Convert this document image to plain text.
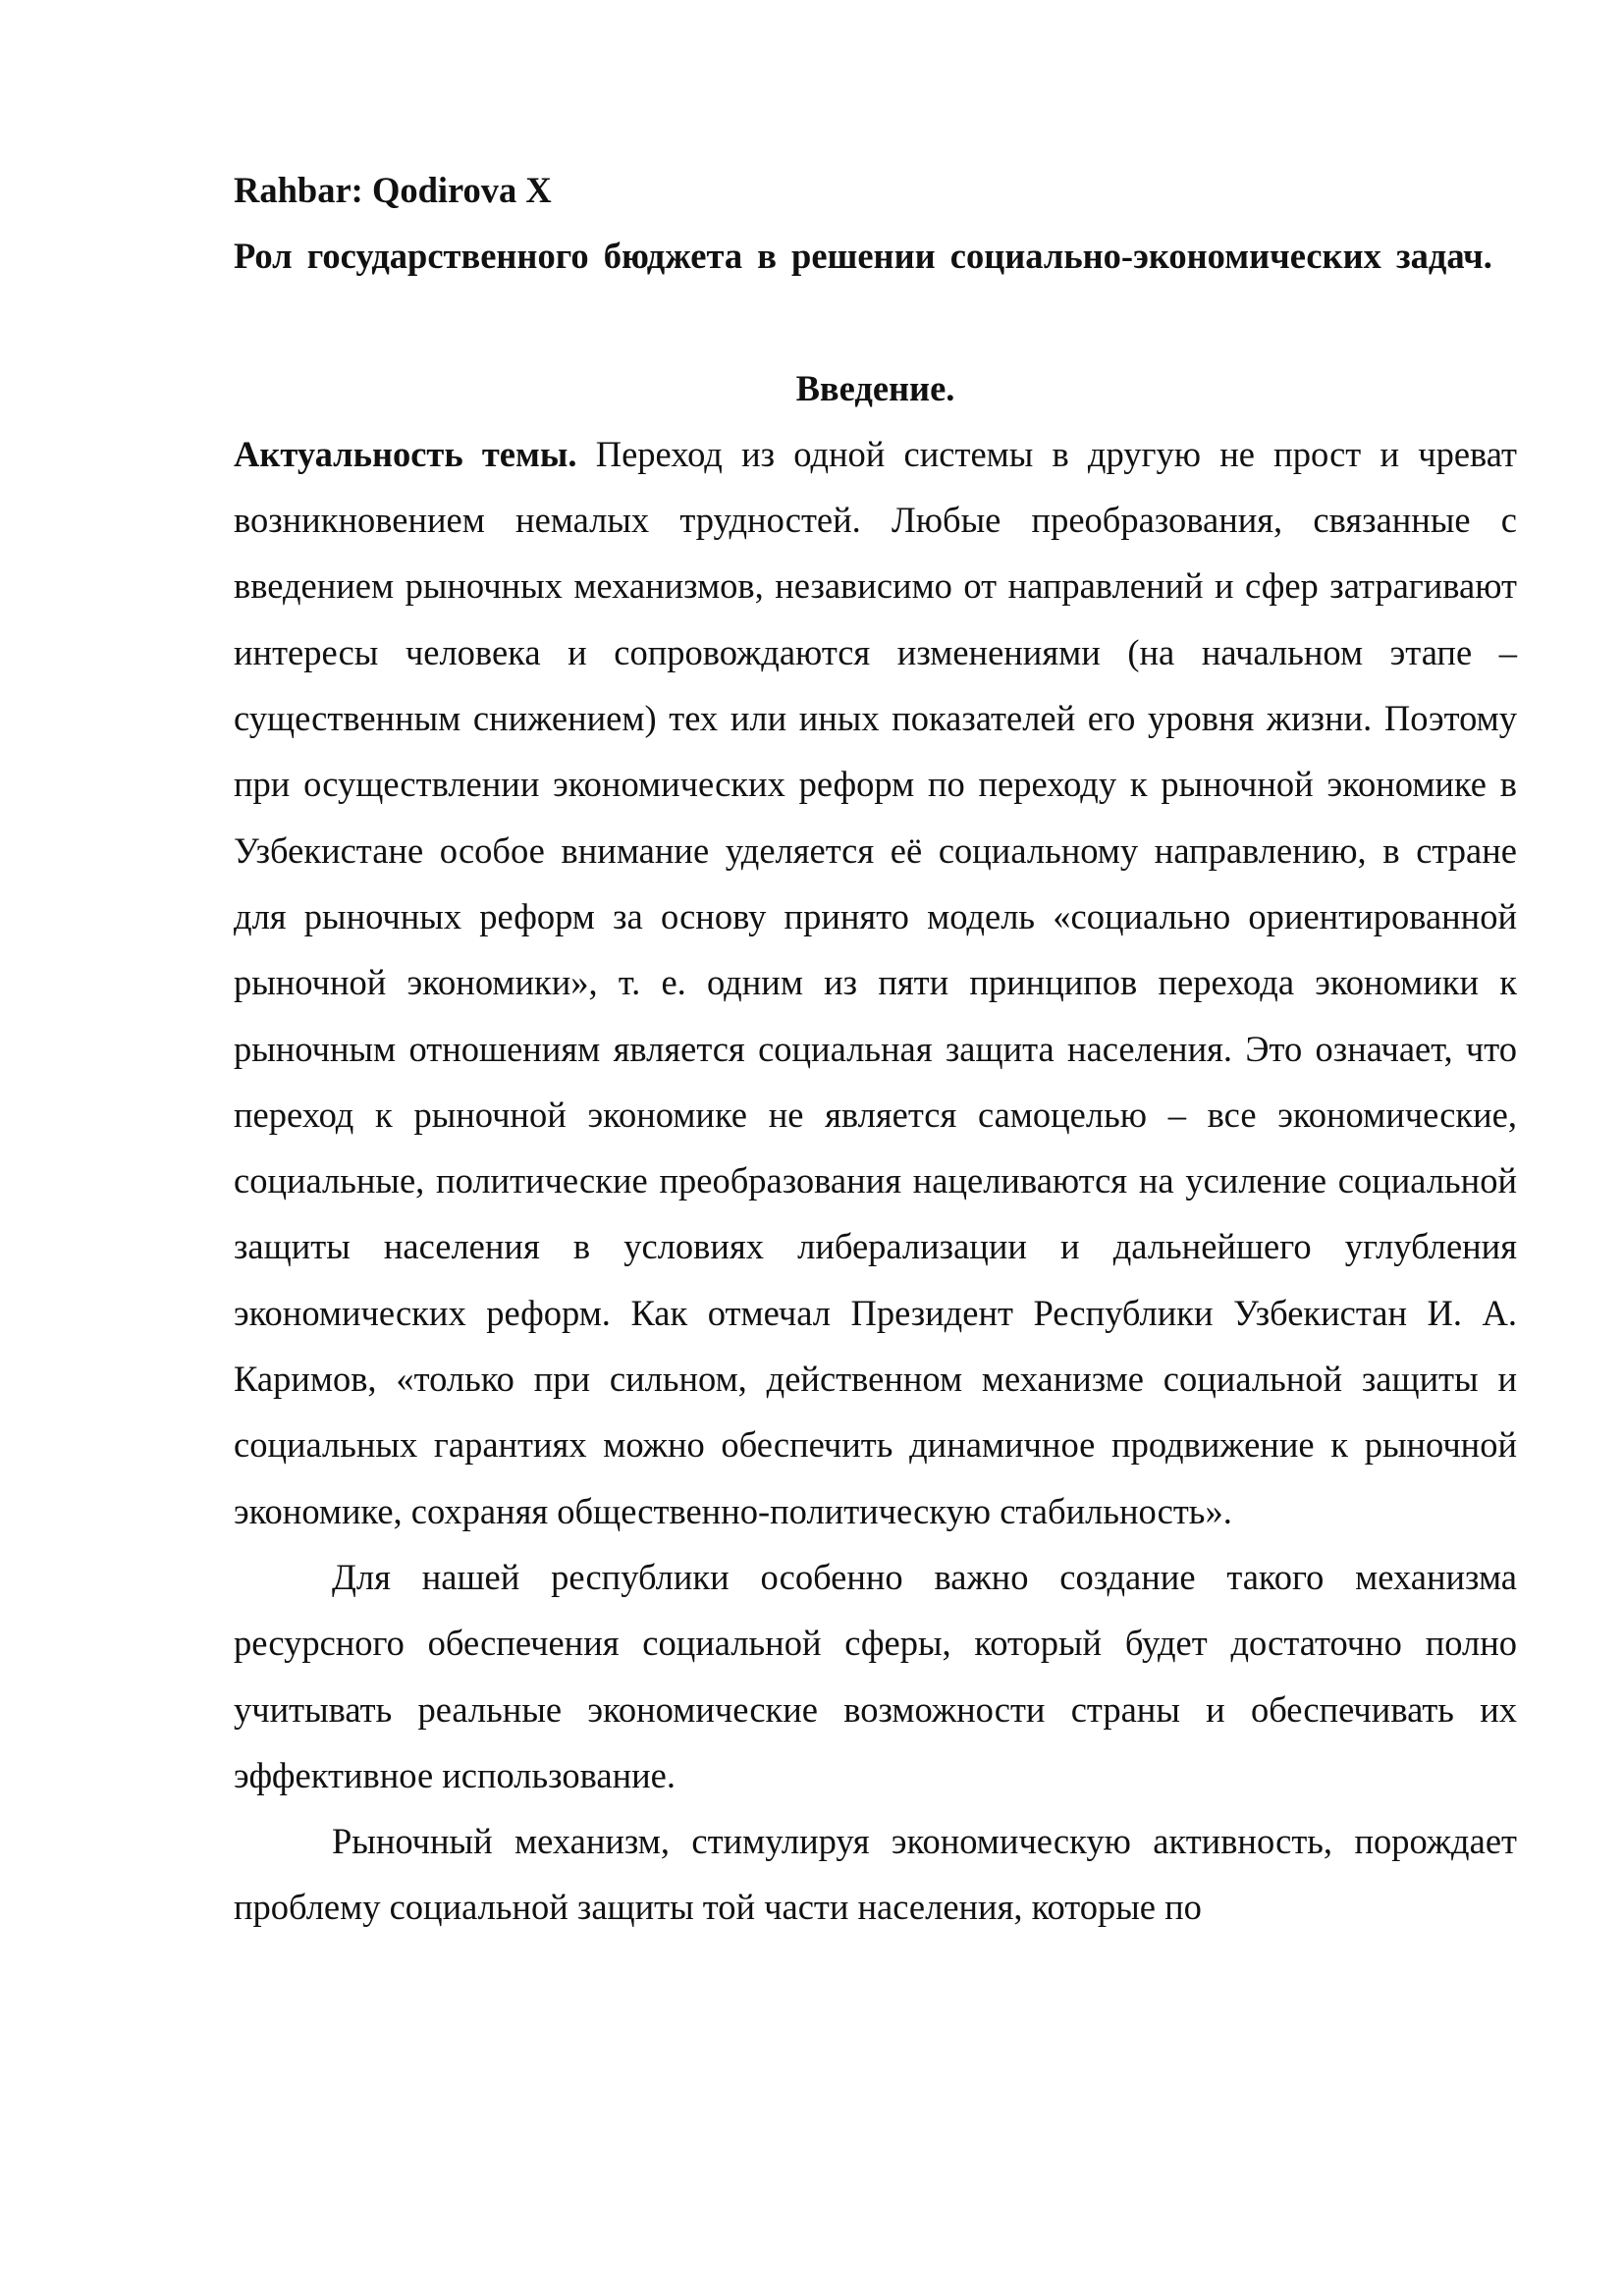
Rahbar: Qodirova X

Рол государственного бюджета в решении социально-экономических задач.

Введение.

Актуальность темы. Переход из одной системы в другую не прост и чреват возникновением немалых трудностей. Любые преобразования, связанные с введением рыночных механизмов, независимо от направлений и сфер затрагивают интересы человека и сопровождаются изменениями (на начальном этапе – существенным снижением) тех или иных показателей его уровня жизни. Поэтому при осуществлении экономических реформ по переходу к рыночной экономике в Узбекистане особое внимание уделяется её социальному направлению, в стране для рыночных реформ за основу принято модель «социально ориентированной рыночной экономики», т. е. одним из пяти принципов перехода экономики к рыночным отношениям является социальная защита населения. Это означает, что переход к рыночной экономике не является самоцелью – все экономические, социальные, политические преобразования нацеливаются на усиление социальной защиты населения в условиях либерализации и дальнейшего углубления экономических реформ. Как отмечал Президент Республики Узбекистан И. А. Каримов, «только при сильном, действенном механизме социальной защиты и социальных гарантиях можно обеспечить динамичное продвижение к рыночной экономике, сохраняя общественно-политическую стабильность».

Для нашей республики особенно важно создание такого механизма ресурсного обеспечения социальной сферы, который будет достаточно полно учитывать реальные экономические возможности страны и обеспечивать их эффективное использование.

Рыночный механизм, стимулируя экономическую активность, порождает проблему социальной защиты той части населения, которые по
